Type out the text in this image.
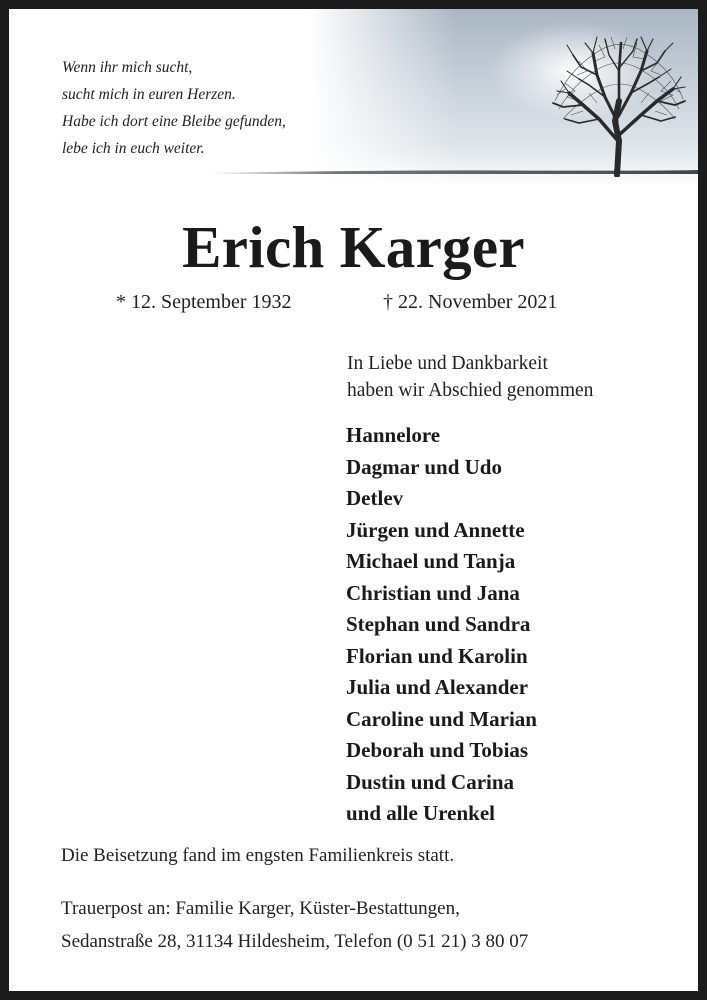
Wenn ihr mich sucht,
sucht mich in euren Herzen.
Habe ich dort eine Bleibe gefunden,
lebe ich in euch weiter.
Erich Karger
* 12. September 1932	† 22. November 2021
In Liebe und Dankbarkeit
haben wir Abschied genommen
Hannelore
Dagmar und Udo
Detlev
Jürgen und Annette
Michael und Tanja
Christian und Jana
Stephan und Sandra
Florian und Karolin
Julia und Alexander
Caroline und Marian
Deborah und Tobias
Dustin und Carina
und alle Urenkel
Die Beisetzung fand im engsten Familienkreis statt.
Trauerpost an: Familie Karger, Küster-Bestattungen,
Sedanstraße 28, 31134 Hildesheim, Telefon (0 51 21) 3 80 07
